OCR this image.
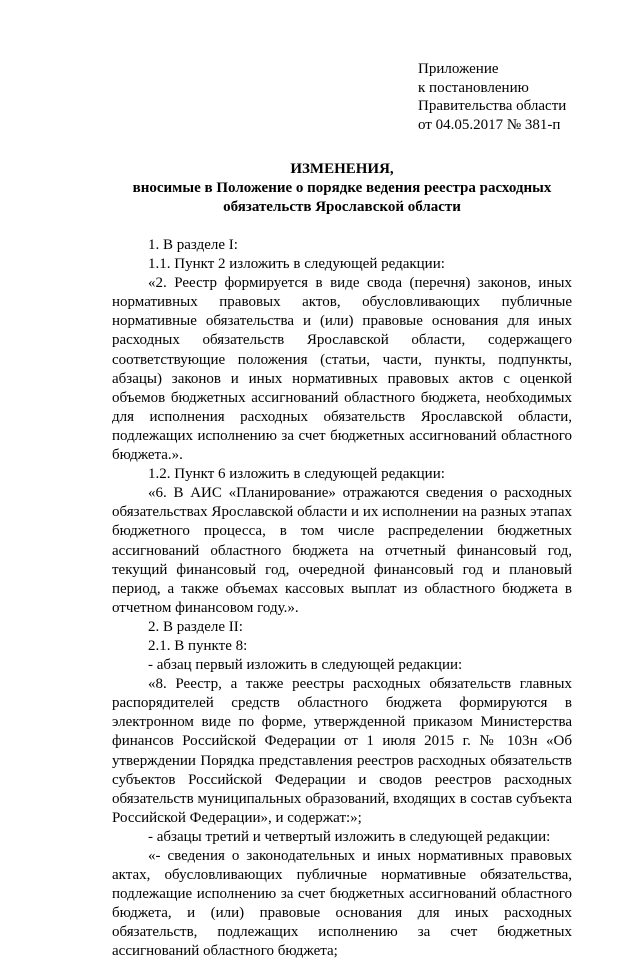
Приложение
к постановлению
Правительства области
от 04.05.2017 № 381-п
ИЗМЕНЕНИЯ,
вносимые в Положение о порядке ведения реестра расходных
обязательств Ярославской области

1. В разделе I:

1.1. Пункт 2 изложить в следующей редакции:

«2. Реестр формируется в виде свода (перечня) законов, иных нормативных правовых актов, обусловливающих публичные нормативные обязательства и (или) правовые основания для иных расходных обязательств Ярославской области, содержащего соответствующие положения (статьи, части, пункты, подпункты, абзацы) законов и иных нормативных правовых актов с оценкой объемов бюджетных ассигнований областного бюджета, необходимых для исполнения расходных обязательств Ярославской области, подлежащих исполнению за счет бюджетных ассигнований областного бюджета.».

1.2. Пункт 6 изложить в следующей редакции:

«6. В АИС «Планирование» отражаются сведения о расходных обязательствах Ярославской области и их исполнении на разных этапах бюджетного процесса, в том числе распределении бюджетных ассигнований областного бюджета на отчетный финансовый год, текущий финансовый год, очередной финансовый год и плановый период, а также объемах кассовых выплат из областного бюджета в отчетном финансовом году.».

2. В разделе II:

2.1. В пункте 8:

- абзац первый изложить в следующей редакции:

«8. Реестр, а также реестры расходных обязательств главных распорядителей средств областного бюджета формируются в электронном виде по форме, утвержденной приказом Министерства финансов Российской Федерации от 1 июля 2015 г. № 103н «Об утверждении Порядка представления реестров расходных обязательств субъектов Российской Федерации и сводов реестров расходных обязательств муниципальных образований, входящих в состав субъекта Российской Федерации», и содержат:»;

- абзацы третий и четвертый изложить в следующей редакции:

«- сведения о законодательных и иных нормативных правовых актах, обусловливающих публичные нормативные обязательства, подлежащие исполнению за счет бюджетных ассигнований областного бюджета, и (или) правовые основания для иных расходных обязательств, подлежащих исполнению за счет бюджетных ассигнований областного бюджета;
